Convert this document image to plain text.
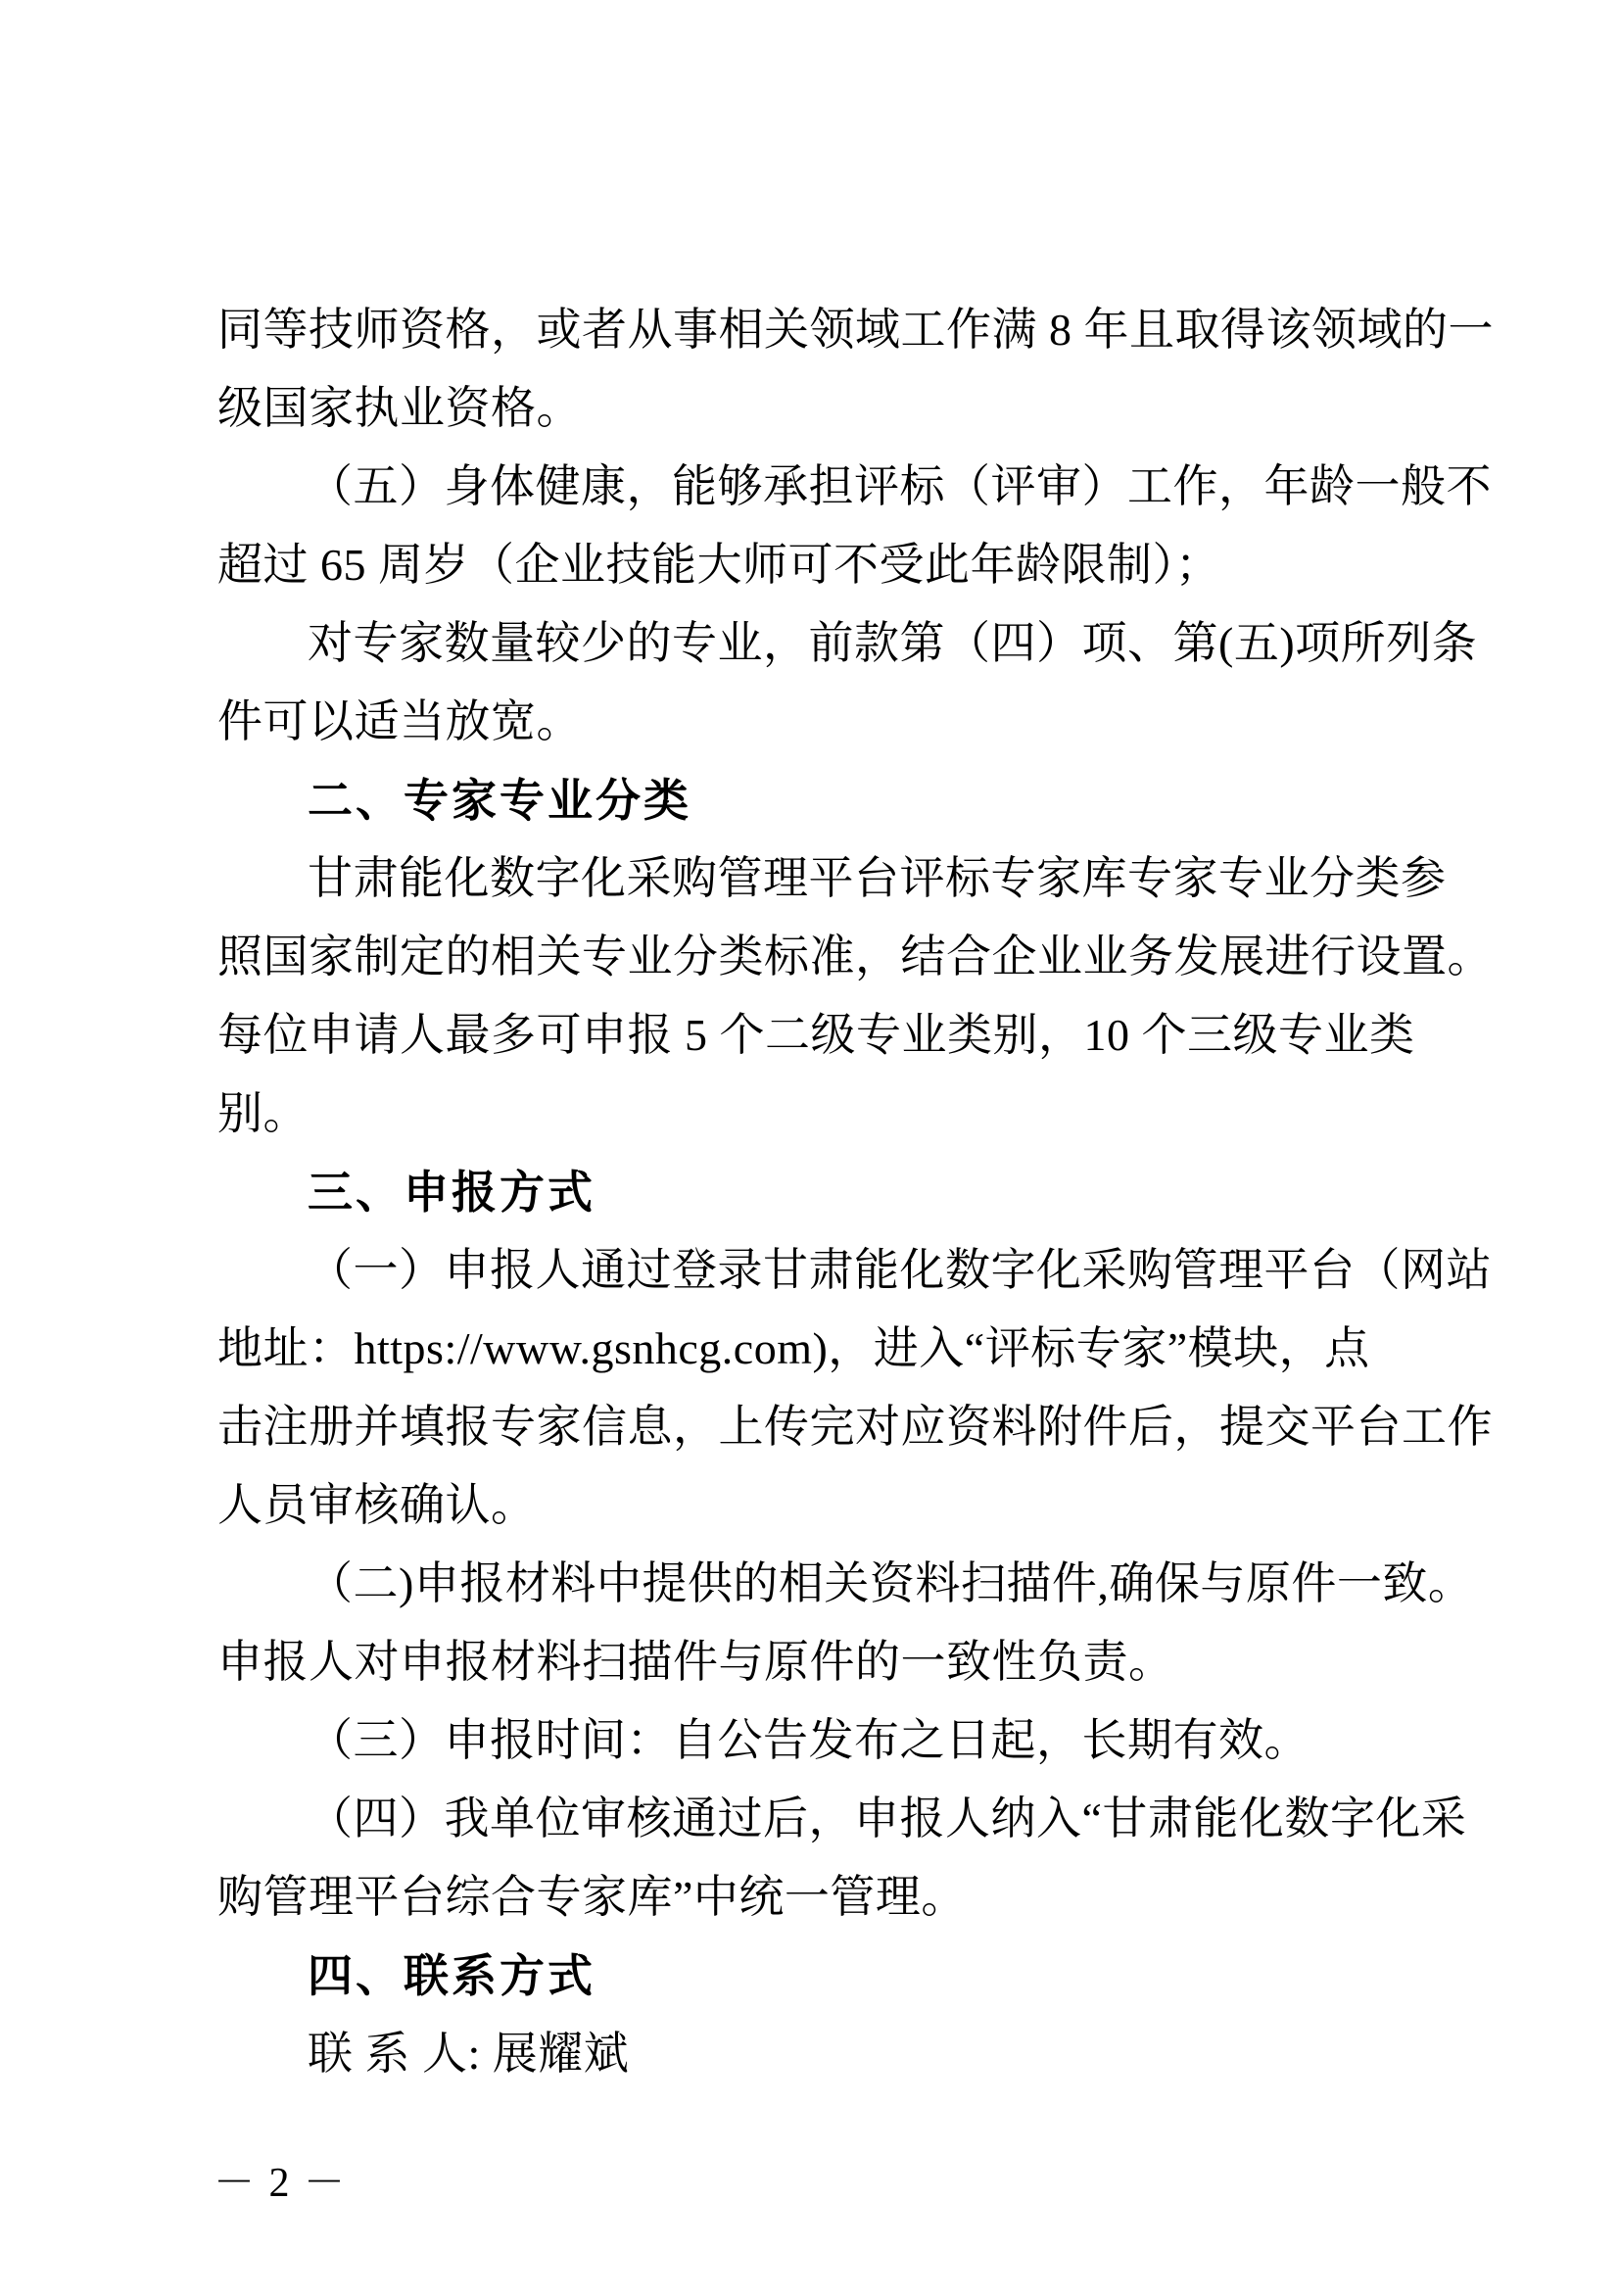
同等技师资格，或者从事相关领域工作满 8 年且取得该领域的一
级国家执业资格。
（五）身体健康，能够承担评标（评审）工作，年龄一般不
超过 65 周岁（企业技能大师可不受此年龄限制）；
对专家数量较少的专业，前款第（四）项、第(五)项所列条
件可以适当放宽。
二、专家专业分类
甘肃能化数字化采购管理平台评标专家库专家专业分类参
照国家制定的相关专业分类标准，结合企业业务发展进行设置。
每位申请人最多可申报 5 个二级专业类别，10 个三级专业类
别。
三、申报方式
（一）申报人通过登录甘肃能化数字化采购管理平台（网站
地址：https://www.gsnhcg.com)，进入“评标专家”模块，点
击注册并填报专家信息，上传完对应资料附件后，提交平台工作
人员审核确认。
（二)申报材料中提供的相关资料扫描件,确保与原件一致。
申报人对申报材料扫描件与原件的一致性负责。
（三）申报时间：自公告发布之日起，长期有效。
（四）我单位审核通过后，申报人纳入“甘肃能化数字化采
购管理平台综合专家库”中统一管理。
四、联系方式
联 系 人: 展耀斌
－ 2 －
